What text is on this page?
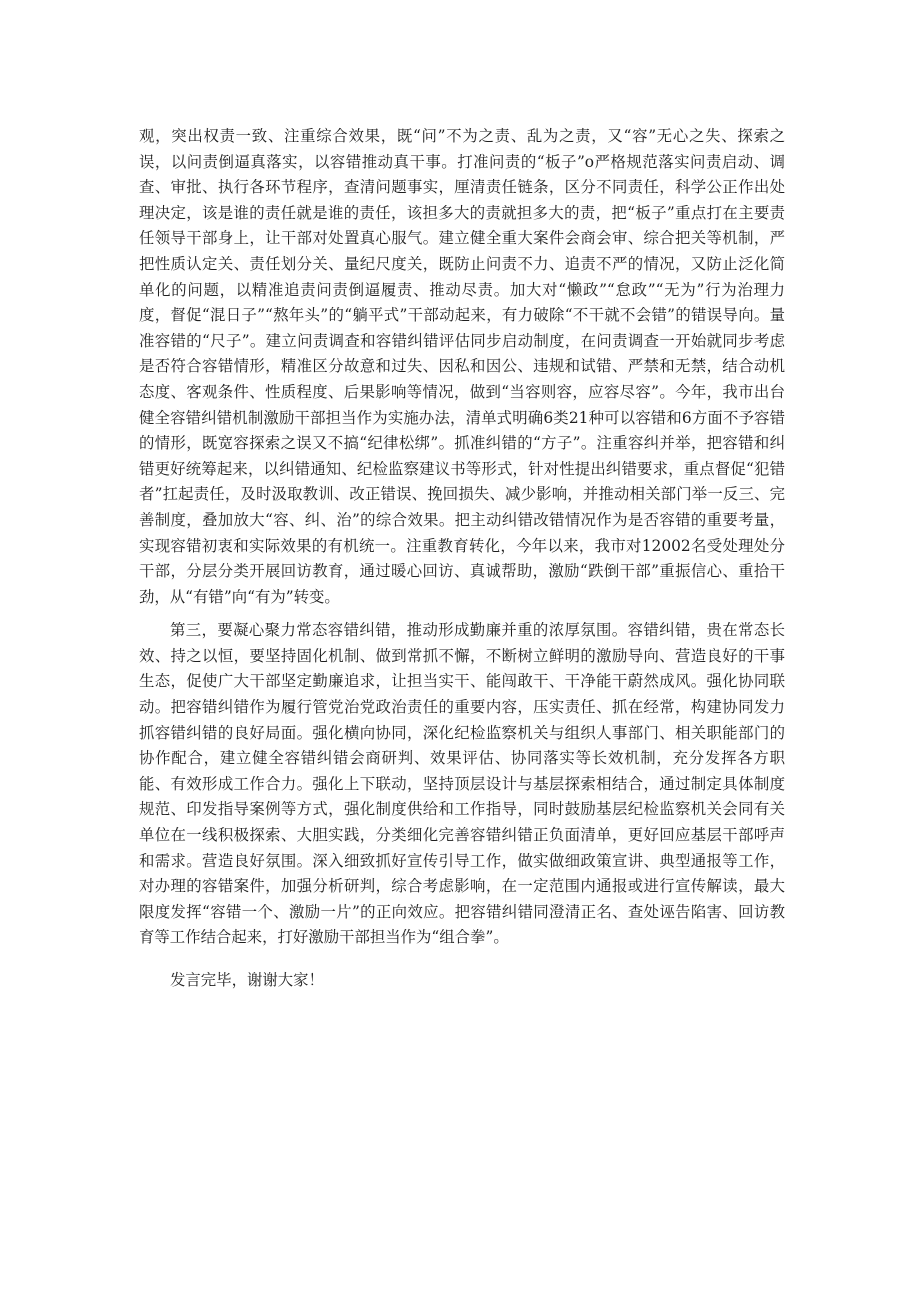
观，突出权责一致、注重综合效果，既“问”不为之责、乱为之责，又“容”无心之失、探索之误，以问责倒逼真落实，以容错推动真干事。打准问责的“板子”o严格规范落实问责启动、调查、审批、执行各环节程序，查清问题事实，厘清责任链条，区分不同责任，科学公正作出处理决定，该是谁的责任就是谁的责任，该担多大的责就担多大的责，把“板子”重点打在主要责任领导干部身上，让干部对处置真心服气。建立健全重大案件会商会审、综合把关等机制，严把性质认定关、责任划分关、量纪尺度关，既防止问责不力、追责不严的情况，又防止泛化简单化的问题，以精准追责问责倒逼履责、推动尽责。加大对“懒政”“怠政”“无为”行为治理力度，督促“混日子”“熬年头”的“躺平式”干部动起来，有力破除“不干就不会错”的错误导向。量准容错的“尺子”。建立问责调查和容错纠错评估同步启动制度，在问责调查一开始就同步考虑是否符合容错情形，精准区分故意和过失、因私和因公、违规和试错、严禁和无禁，结合动机态度、客观条件、性质程度、后果影响等情况，做到“当容则容，应容尽容”。今年，我市出台健全容错纠错机制激励干部担当作为实施办法，清单式明确6类21种可以容错和6方面不予容错的情形，既宽容探索之误又不搞“纪律松绑”。抓准纠错的“方子”。注重容纠并举，把容错和纠错更好统筹起来，以纠错通知、纪检监察建议书等形式，针对性提出纠错要求，重点督促“犯错者”扛起责任，及时汲取教训、改正错误、挽回损失、减少影响，并推动相关部门举一反三、完善制度，叠加放大“容、纠、治”的综合效果。把主动纠错改错情况作为是否容错的重要考量，实现容错初衷和实际效果的有机统一。注重教育转化，今年以来，我市对12002名受处理处分干部，分层分类开展回访教育，通过暖心回访、真诚帮助，激励“跌倒干部”重振信心、重拾干劲，从“有错”向“有为”转变。

第三，要凝心聚力常态容错纠错，推动形成勤廉并重的浓厚氛围。容错纠错，贵在常态长效、持之以恒，要坚持固化机制、做到常抓不懈，不断树立鲜明的激励导向、营造良好的干事生态，促使广大干部坚定勤廉追求，让担当实干、能闯敢干、干净能干蔚然成风。强化协同联动。把容错纠错作为履行管党治党政治责任的重要内容，压实责任、抓在经常，构建协同发力抓容错纠错的良好局面。强化横向协同，深化纪检监察机关与组织人事部门、相关职能部门的协作配合，建立健全容错纠错会商研判、效果评估、协同落实等长效机制，充分发挥各方职能、有效形成工作合力。强化上下联动，坚持顶层设计与基层探索相结合，通过制定具体制度规范、印发指导案例等方式，强化制度供给和工作指导，同时鼓励基层纪检监察机关会同有关单位在一线积极探索、大胆实践，分类细化完善容错纠错正负面清单，更好回应基层干部呼声和需求。营造良好氛围。深入细致抓好宣传引导工作，做实做细政策宣讲、典型通报等工作，对办理的容错案件，加强分析研判，综合考虑影响，在一定范围内通报或进行宣传解读，最大限度发挥“容错一个、激励一片”的正向效应。把容错纠错同澄清正名、查处诬告陷害、回访教育等工作结合起来，打好激励干部担当作为“组合拳”。

发言完毕，谢谢大家！
